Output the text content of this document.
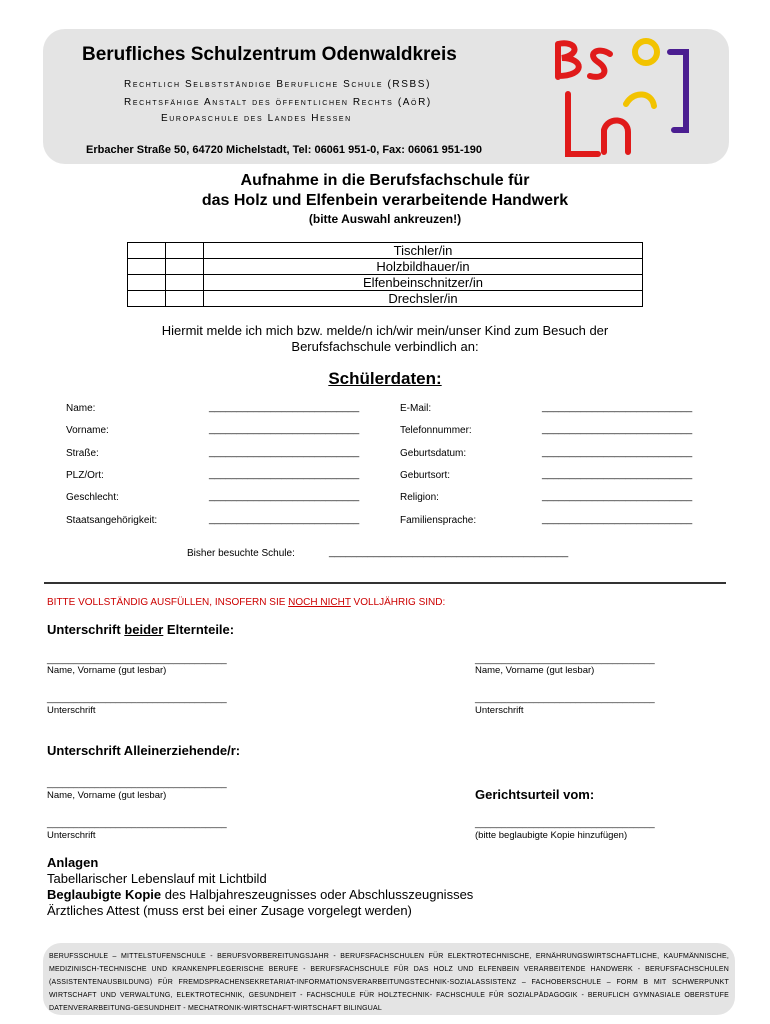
Berufliches Schulzentrum Odenwaldkreis
Rechtlich Selbstständige Berufliche Schule (RSBS)
Rechtsfähige Anstalt des öffentlichen Rechts (AöR)
Europaschule des Landes Hessen
Erbacher Straße 50, 64720 Michelstadt, Tel: 06061 951-0, Fax: 06061 951-190
Aufnahme in die Berufsfachschule für
das Holz und Elfenbein verarbeitende Handwerk
(bitte Auswahl ankreuzen!)
		Tischler/in
		Holzbildhauer/in
		Elfenbeinschnitzer/in
		Drechsler/in
Hiermit melde ich mich bzw. melde/n ich/wir mein/unser Kind zum Besuch der
Berufsfachschule verbindlich an:
Schülerdaten:
Name:	___________________________
Vorname:	___________________________
Straße:	___________________________
PLZ/Ort:	___________________________
Geschlecht:	___________________________
Staatsangehörigkeit:	___________________________
E-Mail:	___________________________
Telefonnummer:	___________________________
Geburtsdatum:	___________________________
Geburtsort:	___________________________
Religion:	___________________________
Familiensprache:	___________________________
Bisher besuchte Schule:	___________________________________________
BITTE VOLLSTÄNDIG AUSFÜLLEN, INSOFERN SIE NOCH NICHT VOLLJÄHRIG SIND:
Unterschrift beider Elternteile:
__________________________________
Name, Vorname (gut lesbar)
__________________________________
Name, Vorname (gut lesbar)
__________________________________
Unterschrift
__________________________________
Unterschrift
Unterschrift Alleinerziehende/r:
__________________________________
Name, Vorname (gut lesbar)	Gerichtsurteil vom:
__________________________________
Unterschrift
__________________________________
(bitte beglaubigte Kopie hinzufügen)
Anlagen
Tabellarischer Lebenslauf mit Lichtbild
Beglaubigte Kopie des Halbjahreszeugnisses oder Abschlusszeugnisses
Ärztliches Attest (muss erst bei einer Zusage vorgelegt werden)
BERUFSSCHULE – MITTELSTUFENSCHULE - BERUFSVORBEREITUNGSJAHR - BERUFSFACHSCHULEN FÜR ELEKTROTECHNISCHE, ERNÄHRUNGSWIRTSCHAFTLICHE, KAUFMÄNNISCHE, MEDIZINISCH-TECHNISCHE UND KRANKENPFLEGERISCHE BERUFE - BERUFSFACHSCHULE FÜR DAS HOLZ UND ELFENBEIN VERARBEITENDE HANDWERK - BERUFSFACHSCHULEN (ASSISTENTENAUSBILDUNG) FÜR FREMDSPRACHENSEKRETARIAT-INFORMATIONSVERARBEITUNGSTECHNIK-SOZIALASSISTENZ – FACHOBERSCHULE – FORM B MIT SCHWERPUNKT WIRTSCHAFT UND VERWALTUNG, ELEKTROTECHNIK, GESUNDHEIT - FACHSCHULE FÜR HOLZTECHNIK- FACHSCHULE FÜR SOZIALPÄDAGOGIK - BERUFLICH GYMNASIALE OBERSTUFE DATENVERARBEITUNG-GESUNDHEIT - MECHATRONIK-WIRTSCHAFT-WIRTSCHAFT BILINGUAL
